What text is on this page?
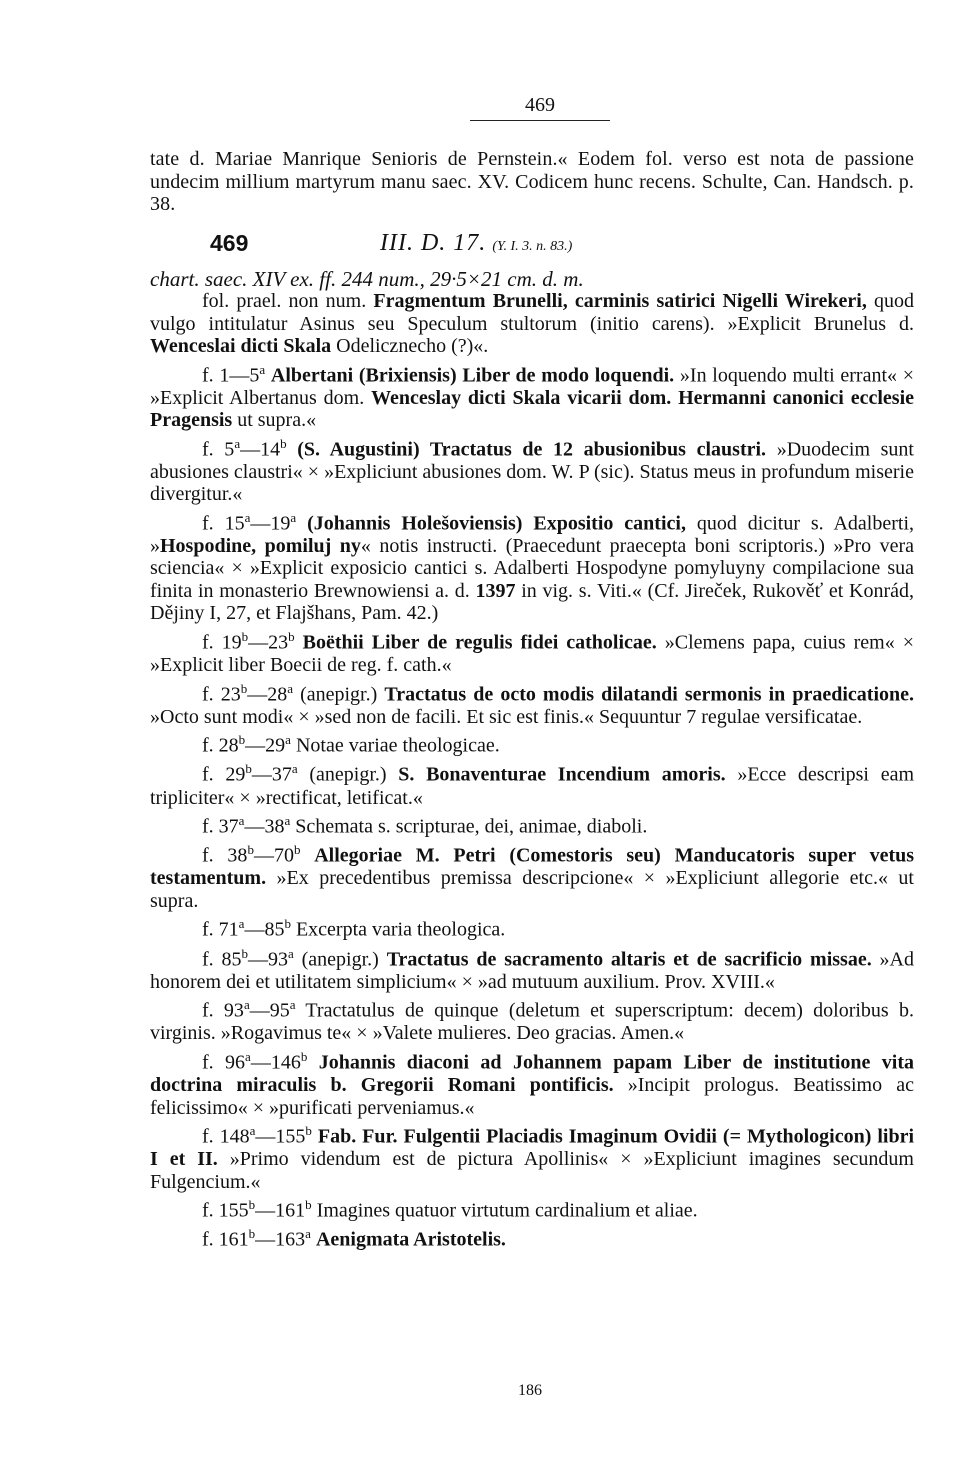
469

tate d. Mariae Manrique Senioris de Pernstein.« Eodem fol. verso est nota de passione undecim millium martyrum manu saec. XV. Codicem hunc recens. Schulte, Can. Handsch. p. 38.

469	III. D. 17. (Y. I. 3. n. 83.)

chart. saec. XIV ex. ff. 244 num., 29·5×21 cm. d. m.

fol. prael. non num. Fragmentum Brunelli, carminis satirici Nigelli Wirekeri, quod vulgo intitulatur Asinus seu Speculum stultorum (initio carens). »Explicit Brunelus d. Wenceslai dicti Skala Odeliczneсho (?)«.

f. 1—5$^a$ Albertani (Brixiensis) Liber de modo loquendi. »In loquendo multi errant« × »Explicit Albertanus dom. Wenceslay dicti Skala vicarii dom. Hermanni canonici ecclesie Pragensis ut supra.«

f. 5$^a$—14$^b$ (S. Augustini) Tractatus de 12 abusionibus claustri. »Duodecim sunt abusiones claustri« × »Expliciunt abusiones dom. W. P (sic). Status meus in profundum miserie divergitur.«

f. 15$^a$—19$^a$ (Johannis Holešoviensis) Expositio cantici, quod dicitur s. Adalberti, »Hospodine, pomiluj ny« notis instructi. (Praecedunt praecepta boni scriptoris.) »Pro vera sciencia« × »Explicit exposicio cantici s. Adalberti Hospodyne pomyluyny compilacione sua finita in monasterio Brewnowiensi a. d. 1397 in vig. s. Viti.« (Cf. Jireček, Rukověť et Konrád, Dějiny I, 27, et Flajšhans, Pam. 42.)

f. 19$^b$—23$^b$ Boëthii Liber de regulis fidei catholicae. »Clemens papa, cuius rem« × »Explicit liber Boecii de reg. f. cath.«

f. 23$^b$—28$^a$ (anepigr.) Tractatus de octo modis dilatandi sermonis in praedicatione. »Octo sunt modi« × »sed non de facili. Et sic est finis.« Sequuntur 7 regulae versificatae.

f. 28$^b$—29$^a$ Notae variae theologicae.

f. 29$^b$—37$^a$ (anepigr.) S. Bonaventurae Incendium amoris. »Ecce descripsi eam tripliciter« × »rectificat, letificat.«

f. 37$^a$—38$^a$ Schemata s. scripturae, dei, animae, diaboli.

f. 38$^b$—70$^b$ Allegoriae M. Petri (Comestoris seu) Manducatoris super vetus testamentum. »Ex precedentibus premissa descripcione« × »Expliciunt allegorie etc.« ut supra.

f. 71$^a$—85$^b$ Excerpta varia theologica.

f. 85$^b$—93$^a$ (anepigr.) Tractatus de sacramento altaris et de sacrificio missae. »Ad honorem dei et utilitatem simplicium« × »ad mutuum auxilium. Prov. XVIII.«

f. 93$^a$—95$^a$ Tractatulus de quinque (deletum et superscriptum: decem) doloribus b. virginis. »Rogavimus te« × »Valete mulieres. Deo gracias. Amen.«

f. 96$^a$—146$^b$ Johannis diaconi ad Johannem papam Liber de institutione vita doctrina miraculis b. Gregorii Romani pontificis. »Incipit prologus. Beatissimo ac felicissimo« × »purificati perveniamus.«

f. 148$^a$—155$^b$ Fab. Fur. Fulgentii Placiadis Imaginum Ovidii (= Mythologicon) libri I et II. »Primo videndum est de pictura Apollinis« × »Expliciunt imagines secundum Fulgencium.«

f. 155$^b$—161$^b$ Imagines quatuor virtutum cardinalium et aliae.

f. 161$^b$—163$^a$ Aenigmata Aristotelis.

186
